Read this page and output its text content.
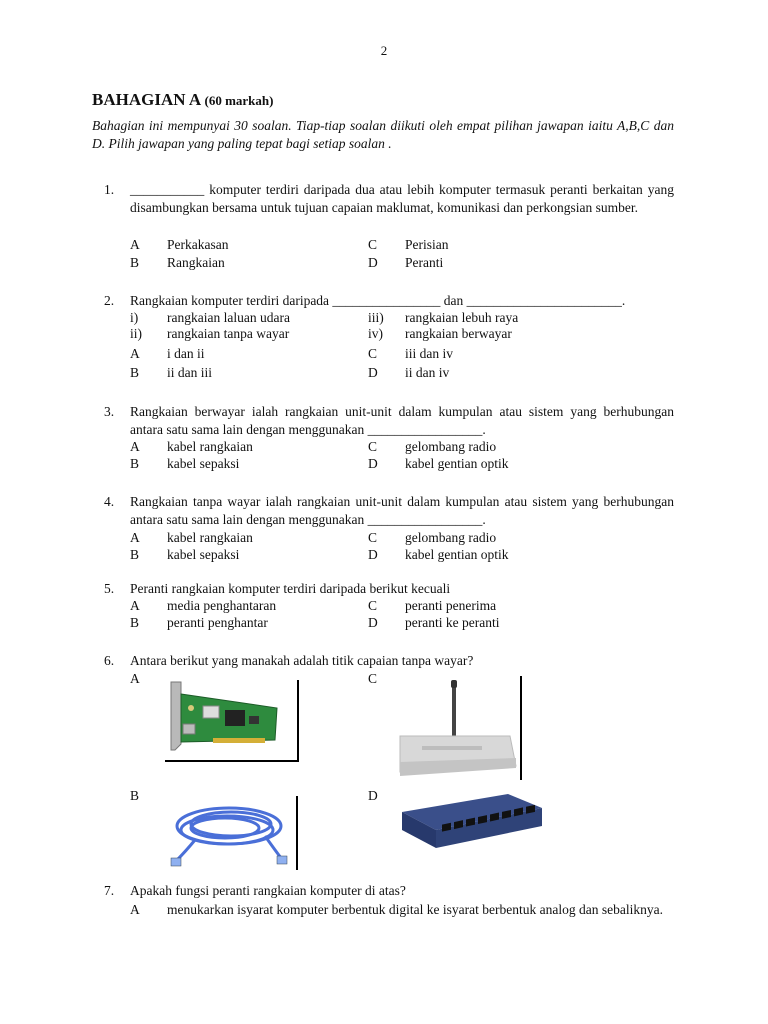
2
BAHAGIAN A (60 markah)
Bahagian ini mempunyai 30 soalan. Tiap-tiap soalan diikuti oleh empat pilihan jawapan iaitu A,B,C dan D. Pilih jawapan yang paling tepat bagi setiap soalan .
1. ___________ komputer terdiri daripada dua atau lebih komputer termasuk peranti berkaitan yang disambungkan bersama untuk tujuan capaian maklumat, komunikasi dan perkongsian sumber.
A Perkakasan	C Perisian
B Rangkaian	D Peranti
2. Rangkaian komputer terdiri daripada ________________ dan _______________________.
i) rangkaian laluan udara	iii) rangkaian lebuh raya
ii) rangkaian tanpa wayar	iv) rangkaian berwayar
A i dan ii	C iii dan iv
B ii dan iii	D ii dan iv
3. Rangkaian berwayar ialah rangkaian unit-unit dalam kumpulan atau sistem yang berhubungan antara satu sama lain dengan menggunakan _________________.
A kabel rangkaian	C gelombang radio
B kabel sepaksi	D kabel gentian optik
4. Rangkaian tanpa wayar ialah rangkaian unit-unit dalam kumpulan atau sistem yang berhubungan antara satu sama lain dengan menggunakan _________________.
A kabel rangkaian	C gelombang radio
B kabel sepaksi	D kabel gentian optik
5. Peranti rangkaian komputer terdiri daripada berikut kecuali
A media penghantaran	C peranti penerima
B peranti penghantar	D peranti ke peranti
6. Antara berikut yang manakah adalah titik capaian tanpa wayar?
A	C
B	D
7. Apakah fungsi peranti rangkaian komputer di atas?
A menukarkan isyarat komputer berbentuk digital ke isyarat berbentuk analog dan sebaliknya.
